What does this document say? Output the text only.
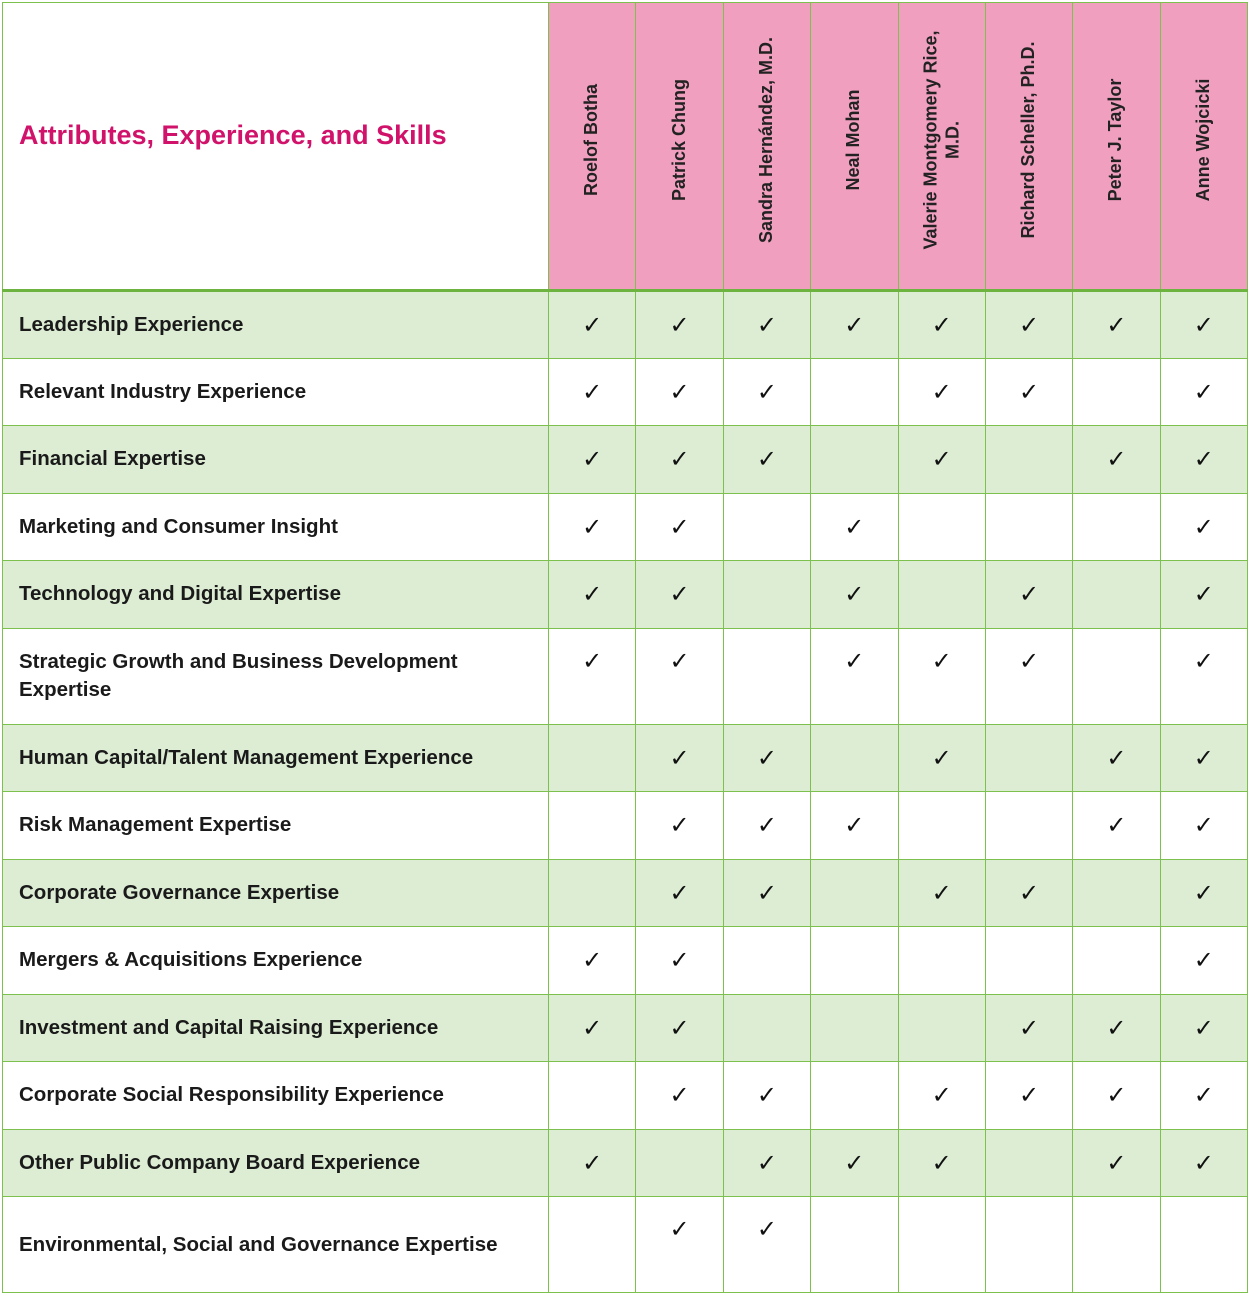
Attributes, Experience, and Skills	Roelof Botha	Patrick Chung	Sandra Hernández, M.D.	Neal Mohan	Valerie Montgomery Rice, M.D.	Richard Scheller, Ph.D.	Peter J. Taylor	Anne Wojcicki

Leadership Experience	✓	✓	✓	✓	✓	✓	✓	✓

Relevant Industry Experience	✓	✓	✓		✓	✓		✓

Financial Expertise	✓	✓	✓		✓		✓	✓

Marketing and Consumer Insight	✓	✓		✓				✓

Technology and Digital Expertise	✓	✓		✓		✓		✓

Strategic Growth and Business Development Expertise	✓	✓		✓	✓	✓		✓

Human Capital/Talent Management Experience		✓	✓		✓		✓	✓

Risk Management Expertise		✓	✓	✓			✓	✓

Corporate Governance Expertise		✓	✓		✓	✓		✓

Mergers & Acquisitions Experience	✓	✓						✓

Investment and Capital Raising Experience	✓	✓				✓	✓	✓

Corporate Social Responsibility Experience		✓	✓		✓	✓	✓	✓

Other Public Company Board Experience	✓		✓	✓	✓		✓	✓

Environmental, Social and Governance Expertise		✓	✓					
